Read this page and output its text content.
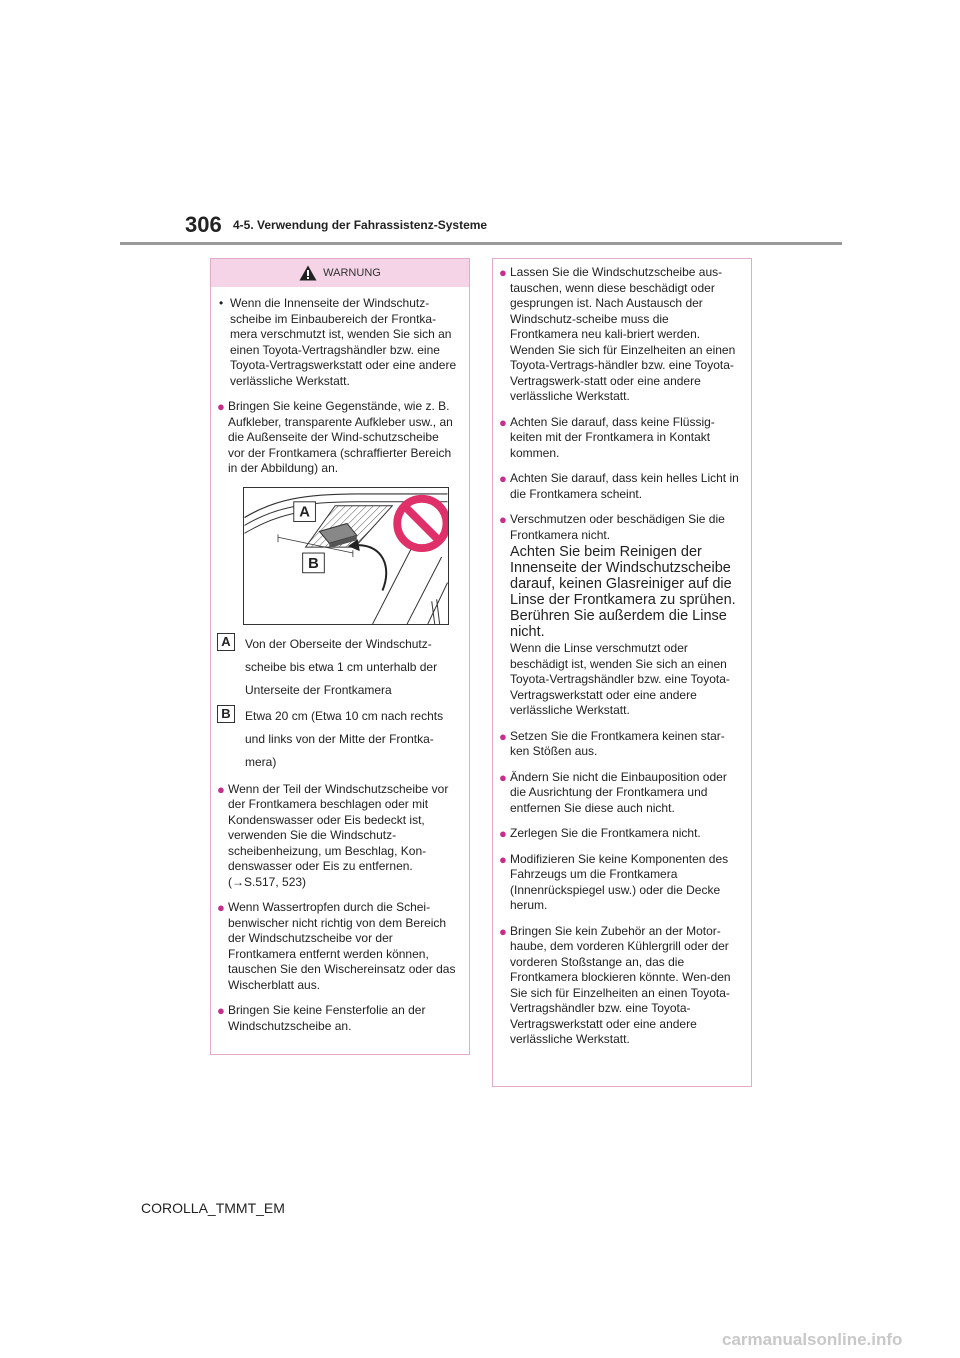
306 4-5. Verwendung der Fahrassistenz-Systeme
WARNUNG
• Wenn die Innenseite der Windschutz-scheibe im Einbaubereich der Frontka-mera verschmutzt ist, wenden Sie sich an einen Toyota-Vertragshändler bzw. eine Toyota-Vertragswerkstatt oder eine andere verlässliche Werkstatt.
● Bringen Sie keine Gegenstände, wie z. B. Aufkleber, transparente Aufkleber usw., an die Außenseite der Wind-schutzscheibe vor der Frontkamera (schraffierter Bereich in der Abbildung) an.
A
B
A	Von der Oberseite der Windschutz-scheibe bis etwa 1 cm unterhalb der Unterseite der Frontkamera
B	Etwa 20 cm (Etwa 10 cm nach rechts und links von der Mitte der Frontka-mera)
● Wenn der Teil der Windschutzscheibe vor der Frontkamera beschlagen oder mit Kondenswasser oder Eis bedeckt ist, verwenden Sie die Windschutz-scheibenheizung, um Beschlag, Kon-denswasser oder Eis zu entfernen.
(→S.517, 523)
● Wenn Wassertropfen durch die Schei-benwischer nicht richtig von dem Bereich der Windschutzscheibe vor der Frontkamera entfernt werden können, tauschen Sie den Wischereinsatz oder das Wischerblatt aus.
● Bringen Sie keine Fensterfolie an der Windschutzscheibe an.
● Lassen Sie die Windschutzscheibe aus-tauschen, wenn diese beschädigt oder gesprungen ist. Nach Austausch der Windschutz-scheibe muss die Frontkamera neu kali-briert werden. Wenden Sie sich für Einzelheiten an einen Toyota-Vertrags-händler bzw. eine Toyota-Vertragswerk-statt oder eine andere verlässliche Werkstatt.
● Achten Sie darauf, dass keine Flüssig-keiten mit der Frontkamera in Kontakt kommen.
● Achten Sie darauf, dass kein helles Licht in die Frontkamera scheint.
● Verschmutzen oder beschädigen Sie die Frontkamera nicht.
Achten Sie beim Reinigen der Innenseite der Windschutzscheibe darauf, keinen Glasreiniger auf die Linse der Frontkamera zu sprühen. Berühren Sie außerdem die Linse nicht.
Wenn die Linse verschmutzt oder beschädigt ist, wenden Sie sich an einen Toyota-Vertragshändler bzw. eine Toyota-Vertragswerkstatt oder eine andere verlässliche Werkstatt.
● Setzen Sie die Frontkamera keinen star-ken Stößen aus.
● Ändern Sie nicht die Einbauposition oder die Ausrichtung der Frontkamera und entfernen Sie diese auch nicht.
● Zerlegen Sie die Frontkamera nicht.
● Modifizieren Sie keine Komponenten des Fahrzeugs um die Frontkamera (Innenrückspiegel usw.) oder die Decke herum.
● Bringen Sie kein Zubehör an der Motor-haube, dem vorderen Kühlergrill oder der vorderen Stoßstange an, das die Frontkamera blockieren könnte. Wen-den Sie sich für Einzelheiten an einen Toyota-Vertragshändler bzw. eine Toyota-Vertragswerkstatt oder eine andere verlässliche Werkstatt.
COROLLA_TMMT_EM
carmanualsonline.info
